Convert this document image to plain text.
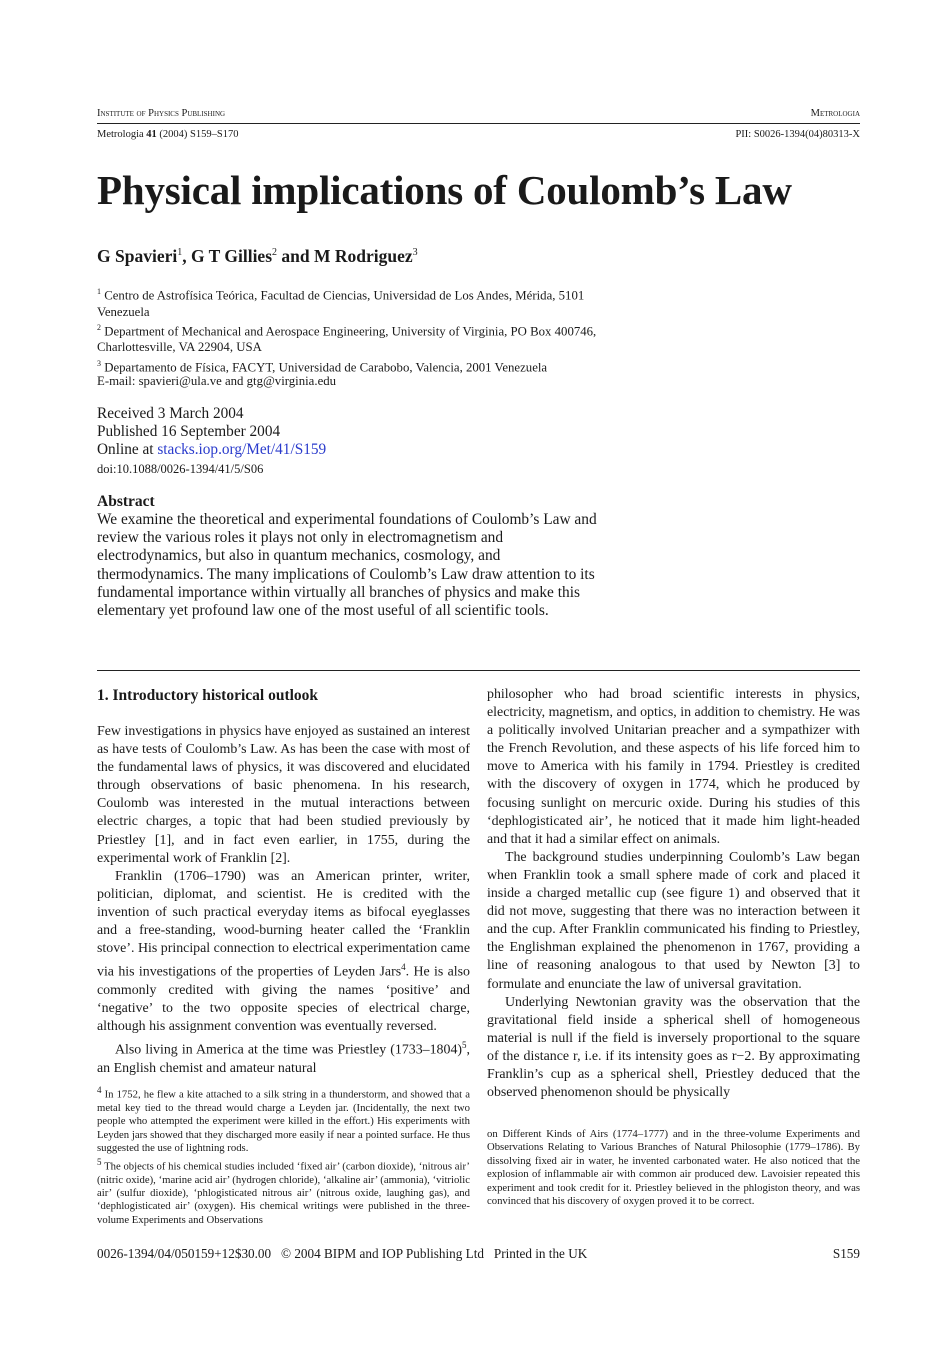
Institute of Physics Publishing	Metrologia
Metrologia 41 (2004) S159–S170	PII: S0026-1394(04)80313-X
Physical implications of Coulomb’s Law
G Spavieri$^1$, G T Gillies$^2$ and M Rodriguez$^3$
$^1$ Centro de Astrofísica Teórica, Facultad de Ciencias, Universidad de Los Andes, Mérida, 5101 Venezuela
$^2$ Department of Mechanical and Aerospace Engineering, University of Virginia, PO Box 400746, Charlottesville, VA 22904, USA
$^3$ Departamento de Física, FACYT, Universidad de Carabobo, Valencia, 2001 Venezuela
E-mail: spavieri@ula.ve and gtg@virginia.edu
Received 3 March 2004
Published 16 September 2004
Online at stacks.iop.org/Met/41/S159
doi:10.1088/0026-1394/41/5/S06
Abstract
We examine the theoretical and experimental foundations of Coulomb’s Law and review the various roles it plays not only in electromagnetism and electrodynamics, but also in quantum mechanics, cosmology, and thermodynamics. The many implications of Coulomb’s Law draw attention to its fundamental importance within virtually all branches of physics and make this elementary yet profound law one of the most useful of all scientific tools.
1. Introductory historical outlook

Few investigations in physics have enjoyed as sustained an interest as have tests of Coulomb’s Law. As has been the case with most of the fundamental laws of physics, it was discovered and elucidated through observations of basic phenomena. In his research, Coulomb was interested in the mutual interactions between electric charges, a topic that had been studied previously by Priestley [1], and in fact even earlier, in 1755, during the experimental work of Franklin [2].

Franklin (1706–1790) was an American printer, writer, politician, diplomat, and scientist. He is credited with the invention of such practical everyday items as bifocal eyeglasses and a free-standing, wood-burning heater called the ‘Franklin stove’. His principal connection to electrical experimentation came via his investigations of the properties of Leyden Jars$^4$. He is also commonly credited with giving the names ‘positive’ and ‘negative’ to the two opposite species of electrical charge, although his assignment convention was eventually reversed.

Also living in America at the time was Priestley (1733–1804)$^5$, an English chemist and amateur natural

$^4$ In 1752, he flew a kite attached to a silk string in a thunderstorm, and showed that a metal key tied to the thread would charge a Leyden jar. (Incidentally, the next two people who attempted the experiment were killed in the effort.) His experiments with Leyden jars showed that they discharged more easily if near a pointed surface. He thus suggested the use of lightning rods.

$^5$ The objects of his chemical studies included ‘fixed air’ (carbon dioxide), ‘nitrous air’ (nitric oxide), ‘marine acid air’ (hydrogen chloride), ‘alkaline air’ (ammonia), ‘vitriolic air’ (sulfur dioxide), ‘phlogisticated nitrous air’ (nitrous oxide, laughing gas), and ‘dephlogisticated air’ (oxygen). His chemical writings were published in the three-volume Experiments and Observations

philosopher who had broad scientific interests in physics, electricity, magnetism, and optics, in addition to chemistry. He was a politically involved Unitarian preacher and a sympathizer with the French Revolution, and these aspects of his life forced him to move to America with his family in 1794. Priestley is credited with the discovery of oxygen in 1774, which he produced by focusing sunlight on mercuric oxide. During his studies of this ‘dephlogisticated air’, he noticed that it made him light-headed and that it had a similar effect on animals.

The background studies underpinning Coulomb’s Law began when Franklin took a small sphere made of cork and placed it inside a charged metallic cup (see figure 1) and observed that it did not move, suggesting that there was no interaction between it and the cup. After Franklin communicated his finding to Priestley, the Englishman explained the phenomenon in 1767, providing a line of reasoning analogous to that used by Newton [3] to formulate and enunciate the law of universal gravitation.

Underlying Newtonian gravity was the observation that the gravitational field inside a spherical shell of homogeneous material is null if the field is inversely proportional to the square of the distance r, i.e. if its intensity goes as r−2. By approximating Franklin’s cup as a spherical shell, Priestley deduced that the observed phenomenon should be physically

on Different Kinds of Airs (1774–1777) and in the three-volume Experiments and Observations Relating to Various Branches of Natural Philosophie (1779–1786). By dissolving fixed air in water, he invented carbonated water. He also noticed that the explosion of inflammable air with common air produced dew. Lavoisier repeated this experiment and took credit for it. Priestley believed in the phlogiston theory, and was convinced that his discovery of oxygen proved it to be correct.

0026-1394/04/050159+12$30.00   © 2004 BIPM and IOP Publishing Ltd   Printed in the UK	S159
